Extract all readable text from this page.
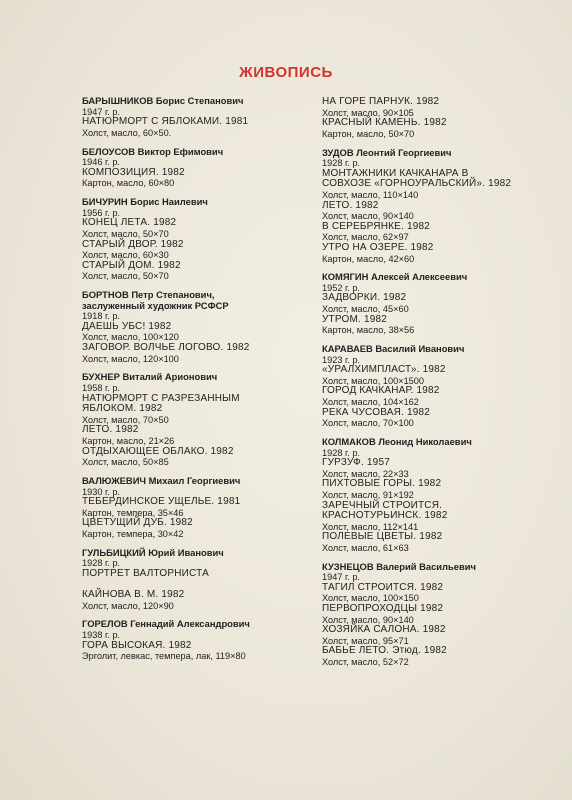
ЖИВОПИСЬ
БАРЫШНИКОВ Борис Степанович
1947 г. р.
НАТЮРМОРТ С ЯБЛОКАМИ. 1981
Холст, масло, 60×50.
БЕЛОУСОВ Виктор Ефимович
1946 г. р.
КОМПОЗИЦИЯ. 1982
Картон, масло, 60×80
БИЧУРИН Борис Наилевич
1956 г. р.
КОНЕЦ ЛЕТА. 1982
Холст, масло, 50×70
СТАРЫЙ ДВОР. 1982
Холст, масло, 60×30
СТАРЫЙ ДОМ. 1982
Холст, масло, 50×70
БОРТНОВ Петр Степанович,
заслуженный художник РСФСР
1918 г. р.
ДАЕШЬ УБС! 1982
Холст, масло, 100×120
ЗАГОВОР. ВОЛЧЬЕ ЛОГОВО. 1982
Холст, масло, 120×100
БУХНЕР Виталий Арионович
1958 г. р.
НАТЮРМОРТ С РАЗРЕЗАННЫМ
ЯБЛОКОМ. 1982
Холст, масло, 70×50
ЛЕТО. 1982
Картон, масло, 21×26
ОТДЫХАЮЩЕЕ ОБЛАКО. 1982
Холст, масло, 50×85
ВАЛЮЖЕВИЧ Михаил Георгиевич
1930 г. р.
ТЕБЕРДИНСКОЕ УЩЕЛЬЕ. 1981
Картон, темпера, 35×46
ЦВЕТУЩИЙ ДУБ. 1982
Картон, темпера, 30×42
ГУЛЬБИЦКИЙ Юрий Иванович
1928 г. р.
ПОРТРЕТ ВАЛТОРНИСТА
КАЙНОВА В. М. 1982
Холст, масло, 120×90
ГОРЕЛОВ Геннадий Александрович
1938 г. р.
ГОРА ВЫСОКАЯ. 1982
Эрголит, левкас, темпера, лак, 119×80
НА ГОРЕ ПАРНУК. 1982
Холст, масло, 90×105
КРАСНЫЙ КАМЕНЬ. 1982
Картон, масло, 50×70
ЗУДОВ Леонтий Георгиевич
1928 г. р.
МОНТАЖНИКИ КАЧКАНАРА В
СОВХОЗЕ «ГОРНОУРАЛЬСКИЙ». 1982
Холст, масло, 110×140
ЛЕТО. 1982
Холст, масло, 90×140
В СЕРЕБРЯНКЕ. 1982
Холст, масло, 62×97
УТРО НА ОЗЕРЕ. 1982
Картон, масло, 42×60
КОМЯГИН Алексей Алексеевич
1952 г. р.
ЗАДВОРКИ. 1982
Холст, масло, 45×60
УТРОМ. 1982
Картон, масло, 38×56
КАРАВАЕВ Василий Иванович
1923 г. р.
«УРАЛХИМПЛАСТ». 1982
Холст, масло, 100×1500
ГОРОД КАЧКАНАР. 1982
Холст, масло, 104×162
РЕКА ЧУСОВАЯ. 1982
Холст, масло, 70×100
КОЛМАКОВ Леонид Николаевич
1928 г. р.
ГУРЗУФ. 1957
Холст, масло, 22×33
ПИХТОВЫЕ ГОРЫ. 1982
Холст, масло, 91×192
ЗАРЕЧНЫЙ СТРОИТСЯ.
КРАСНОТУРЬИНСК. 1982
Холст, масло, 112×141
ПОЛЕВЫЕ ЦВЕТЫ. 1982
Холст, масло, 61×63
КУЗНЕЦОВ Валерий Васильевич
1947 г. р.
ТАГИЛ СТРОИТСЯ. 1982
Холст, масло, 100×150
ПЕРВОПРОХОДЦЫ 1982
Холст, масло, 90×140
ХОЗЯЙКА САЛОНА. 1982
Холст, масло, 95×71
БАБЬЕ ЛЕТО. Этюд. 1982
Холст, масло, 52×72
